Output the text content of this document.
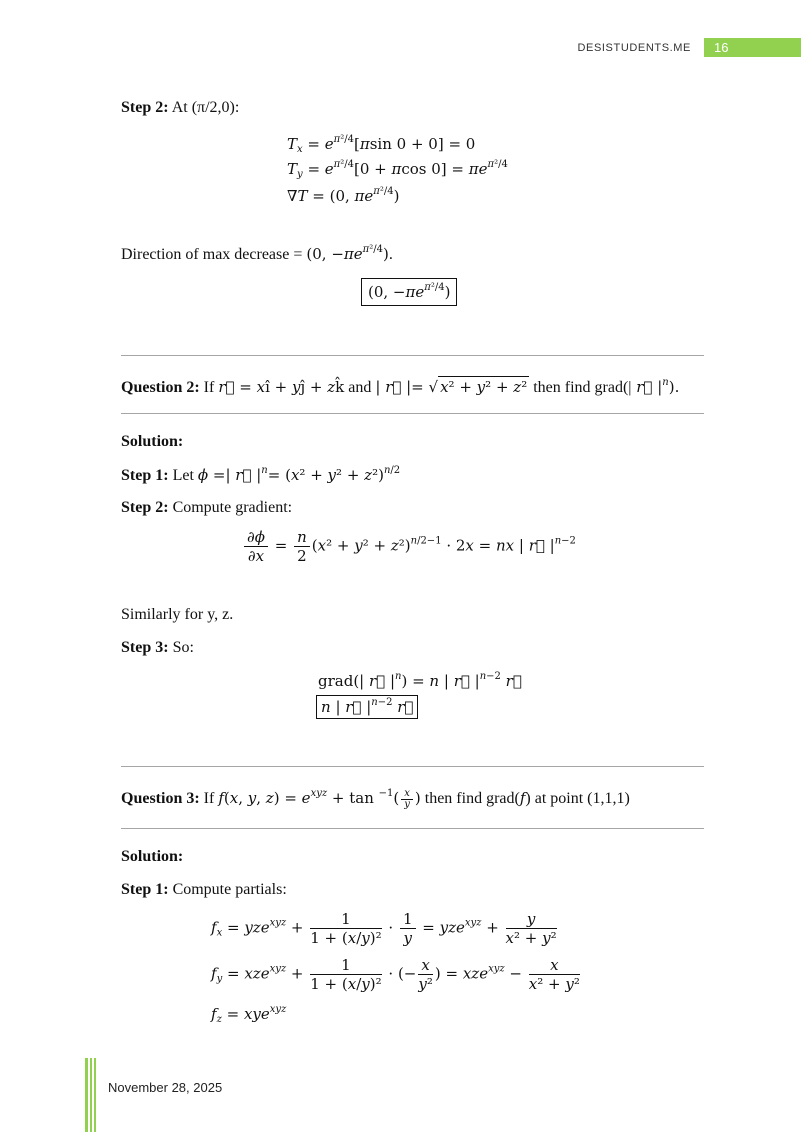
DESISTUDENTS.ME	16
Step 2: At (π/2,0):
$T_x = e^{\pi^2/4}[\pi\sin$ 0 + 0] = 0
$T_y = e^{\pi^2/4}[0 + \pi\cos$ $0] = \pi e^{\pi^2/4}$
∇T = (0, $\pi e^{\pi^2/4}$)
Direction of max decrease = (0, $-\pi e^{\pi^2/4}$).
(0, $-\pi e^{\pi^2/4}$)
Question 2: If r⃗ = xî + yĵ + zk̂ and | r⃗ |= √ x² + y² + z² then find grad(| r⃗ $|^n$).
Solution:
Step 1: Let ϕ =| r⃗ $|^n= (x^2 + y^2 + z^2)^{n/2}$
Step 2: Compute gradient:
$\frac{\partial\phi}{\partial x} = \frac{n}{2} (x^2 + y^2 + z^2)^{n/2-1} \cdot 2x$ = nx | r⃗ $|^{n-2}$
Similarly for y, z.
Step 3: So:
grad(| r⃗ $|^n) = n$ | r⃗ $|^{n-2}$ r⃗
n | r⃗ $|^{n-2}$ r⃗
Question 3: If f(x, y, $z) = e^{xyz} + \tan ^{-1}( \frac{x}{y}$ ) then find grad(f) at point (1,1,1)
Solution:
Step 1: Compute partials:
$f_x = yze^{xyz} + \frac{1}{\text{1 + (x/y)²}} \cdot \frac{1}{y} = yze^{xyz} + \frac{y}{\text{x² + y²}}$
$f_y = xze^{xyz} + \frac{1}{\text{1 + (x/y)²}}$ · (− $\frac{x}{\text{y²}}$ ) = $xze^{xyz} - \frac{x}{\text{x² + y²}}$
$f_z = xye^{xyz}$
November 28, 2025
